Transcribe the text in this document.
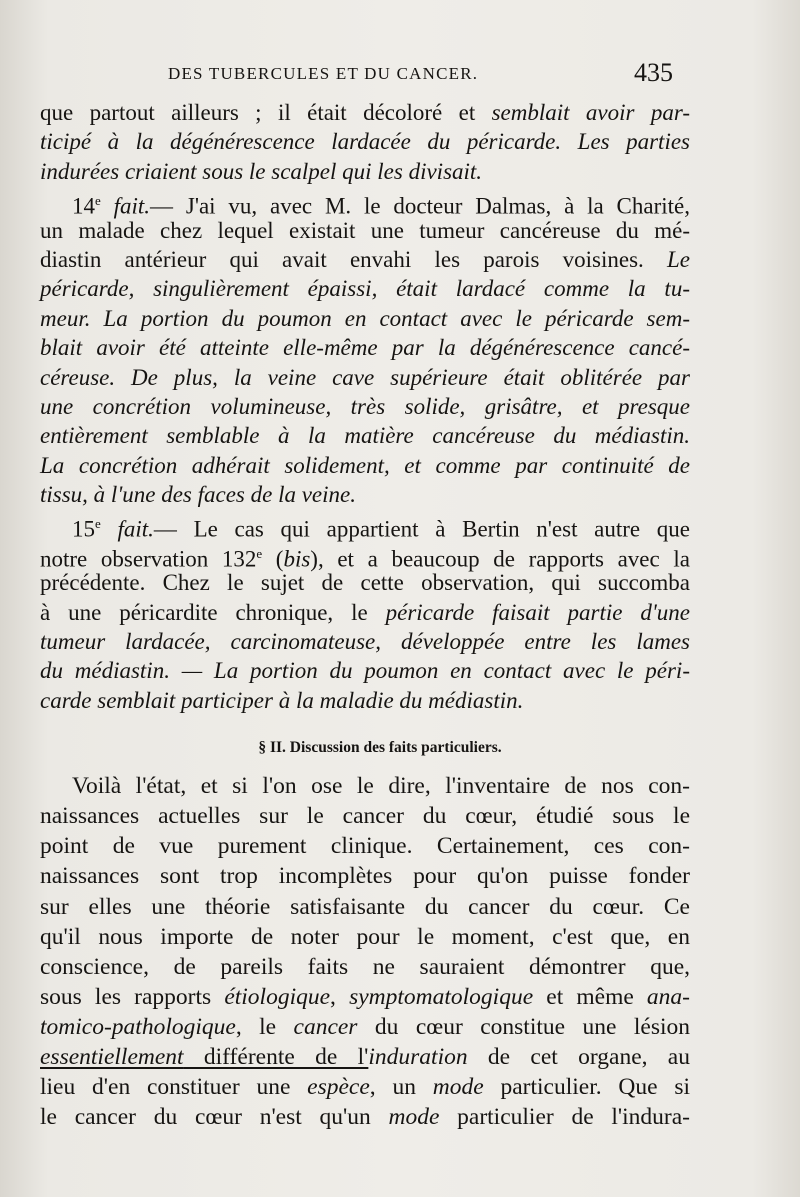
DES TUBERCULES ET DU CANCER.	435
que partout ailleurs ; il était décoloré et semblait avoir par-
ticipé à la dégénérescence lardacée du péricarde. Les parties
indurées criaient sous le scalpel qui les divisait.
14e fait.— J'ai vu, avec M. le docteur Dalmas, à la Charité,
un malade chez lequel existait une tumeur cancéreuse du mé-
diastin antérieur qui avait envahi les parois voisines. Le
péricarde, singulièrement épaissi, était lardacé comme la tu-
meur. La portion du poumon en contact avec le péricarde sem-
blait avoir été atteinte elle-même par la dégénérescence cancé-
céreuse. De plus, la veine cave supérieure était oblitérée par
une concrétion volumineuse, très solide, grisâtre, et presque
entièrement semblable à la matière cancéreuse du médiastin.
La concrétion adhérait solidement, et comme par continuité de
tissu, à l'une des faces de la veine.
15e fait.— Le cas qui appartient à Bertin n'est autre que
notre observation 132e (bis), et a beaucoup de rapports avec la
précédente. Chez le sujet de cette observation, qui succomba
à une péricardite chronique, le péricarde faisait partie d'une
tumeur lardacée, carcinomateuse, développée entre les lames
du médiastin. — La portion du poumon en contact avec le péri-
carde semblait participer à la maladie du médiastin.
§ II. Discussion des faits particuliers.
Voilà l'état, et si l'on ose le dire, l'inventaire de nos con-
naissances actuelles sur le cancer du cœur, étudié sous le
point de vue purement clinique. Certainement, ces con-
naissances sont trop incomplètes pour qu'on puisse fonder
sur elles une théorie satisfaisante du cancer du cœur. Ce
qu'il nous importe de noter pour le moment, c'est que, en
conscience, de pareils faits ne sauraient démontrer que,
sous les rapports étiologique, symptomatologique et même ana-
tomico-pathologique, le cancer du cœur constitue une lésion
essentiellement différente de l'induration de cet organe, au
lieu d'en constituer une espèce, un mode particulier. Que si
le cancer du cœur n'est qu'un mode particulier de l'indura-
